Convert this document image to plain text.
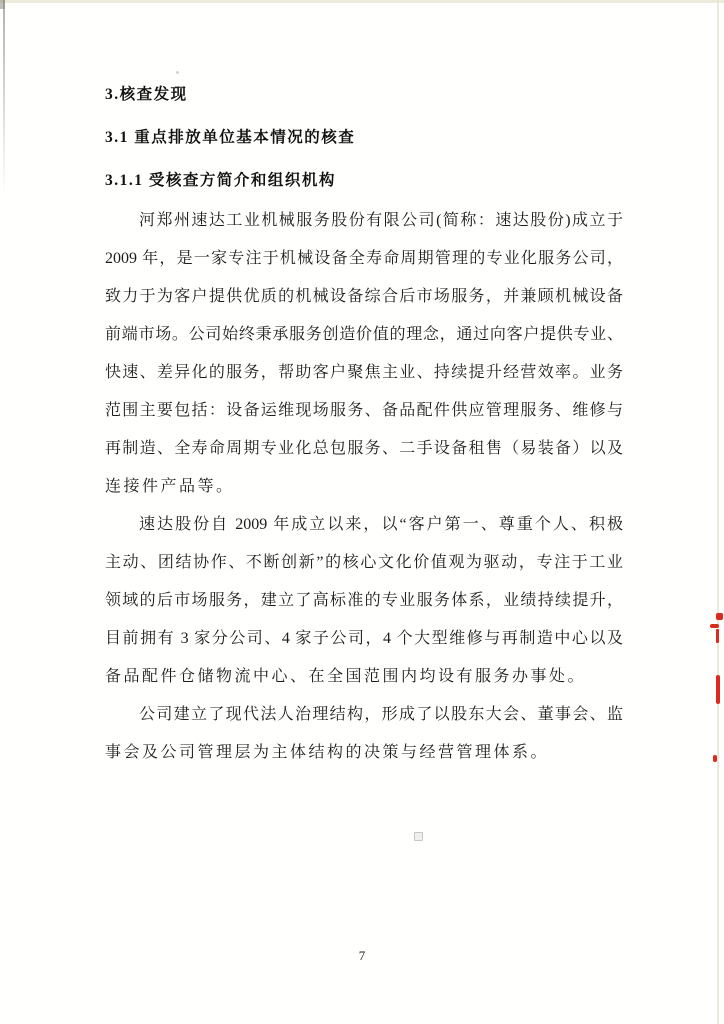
3.核查发现
3.1 重点排放单位基本情况的核查
3.1.1 受核查方简介和组织机构
河郑州速达工业机械服务股份有限公司(简称：速达股份)成立于
2009 年，是一家专注于机械设备全寿命周期管理的专业化服务公司，
致力于为客户提供优质的机械设备综合后市场服务，并兼顾机械设备
前端市场。公司始终秉承服务创造价值的理念，通过向客户提供专业、
快速、差异化的服务，帮助客户聚焦主业、持续提升经营效率。业务
范围主要包括：设备运维现场服务、备品配件供应管理服务、维修与
再制造、全寿命周期专业化总包服务、二手设备租售（易装备）以及
连接件产品等。
速达股份自 2009 年成立以来，以“客户第一、尊重个人、积极
主动、团结协作、不断创新”的核心文化价值观为驱动，专注于工业
领域的后市场服务，建立了高标准的专业服务体系，业绩持续提升，
目前拥有 3 家分公司、4 家子公司，4 个大型维修与再制造中心以及
备品配件仓储物流中心、在全国范围内均设有服务办事处。
公司建立了现代法人治理结构，形成了以股东大会、董事会、监
事会及公司管理层为主体结构的决策与经营管理体系。
7
